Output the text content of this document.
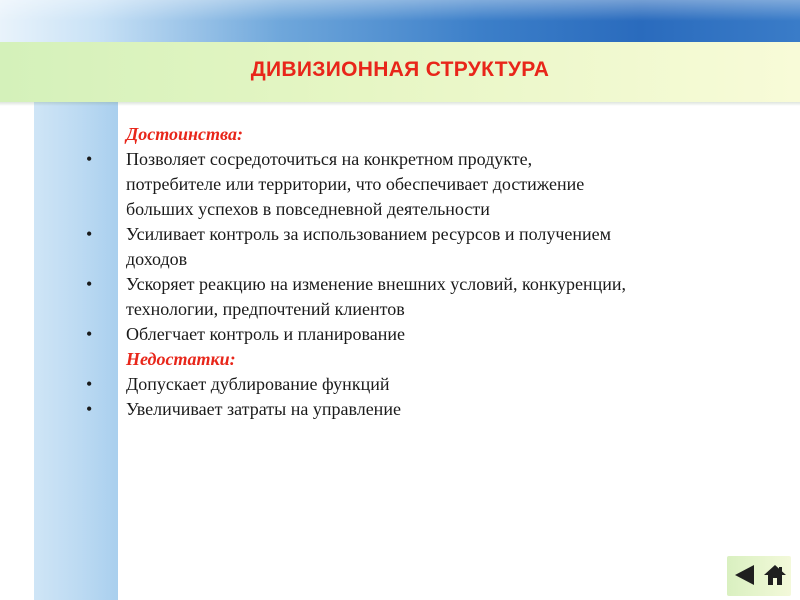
ДИВИЗИОННАЯ СТРУКТУРА
Достоинства:
•	Позволяет сосредоточиться на конкретном продукте,
потребителе или территории, что обеспечивает достижение
больших успехов в повседневной деятельности
•	Усиливает контроль за использованием ресурсов и получением
доходов
•	Ускоряет реакцию на изменение внешних условий, конкуренции,
технологии, предпочтений клиентов
•	Облегчает контроль и планирование
Недостатки:
•	Допускает дублирование функций
•	Увеличивает затраты на управление
